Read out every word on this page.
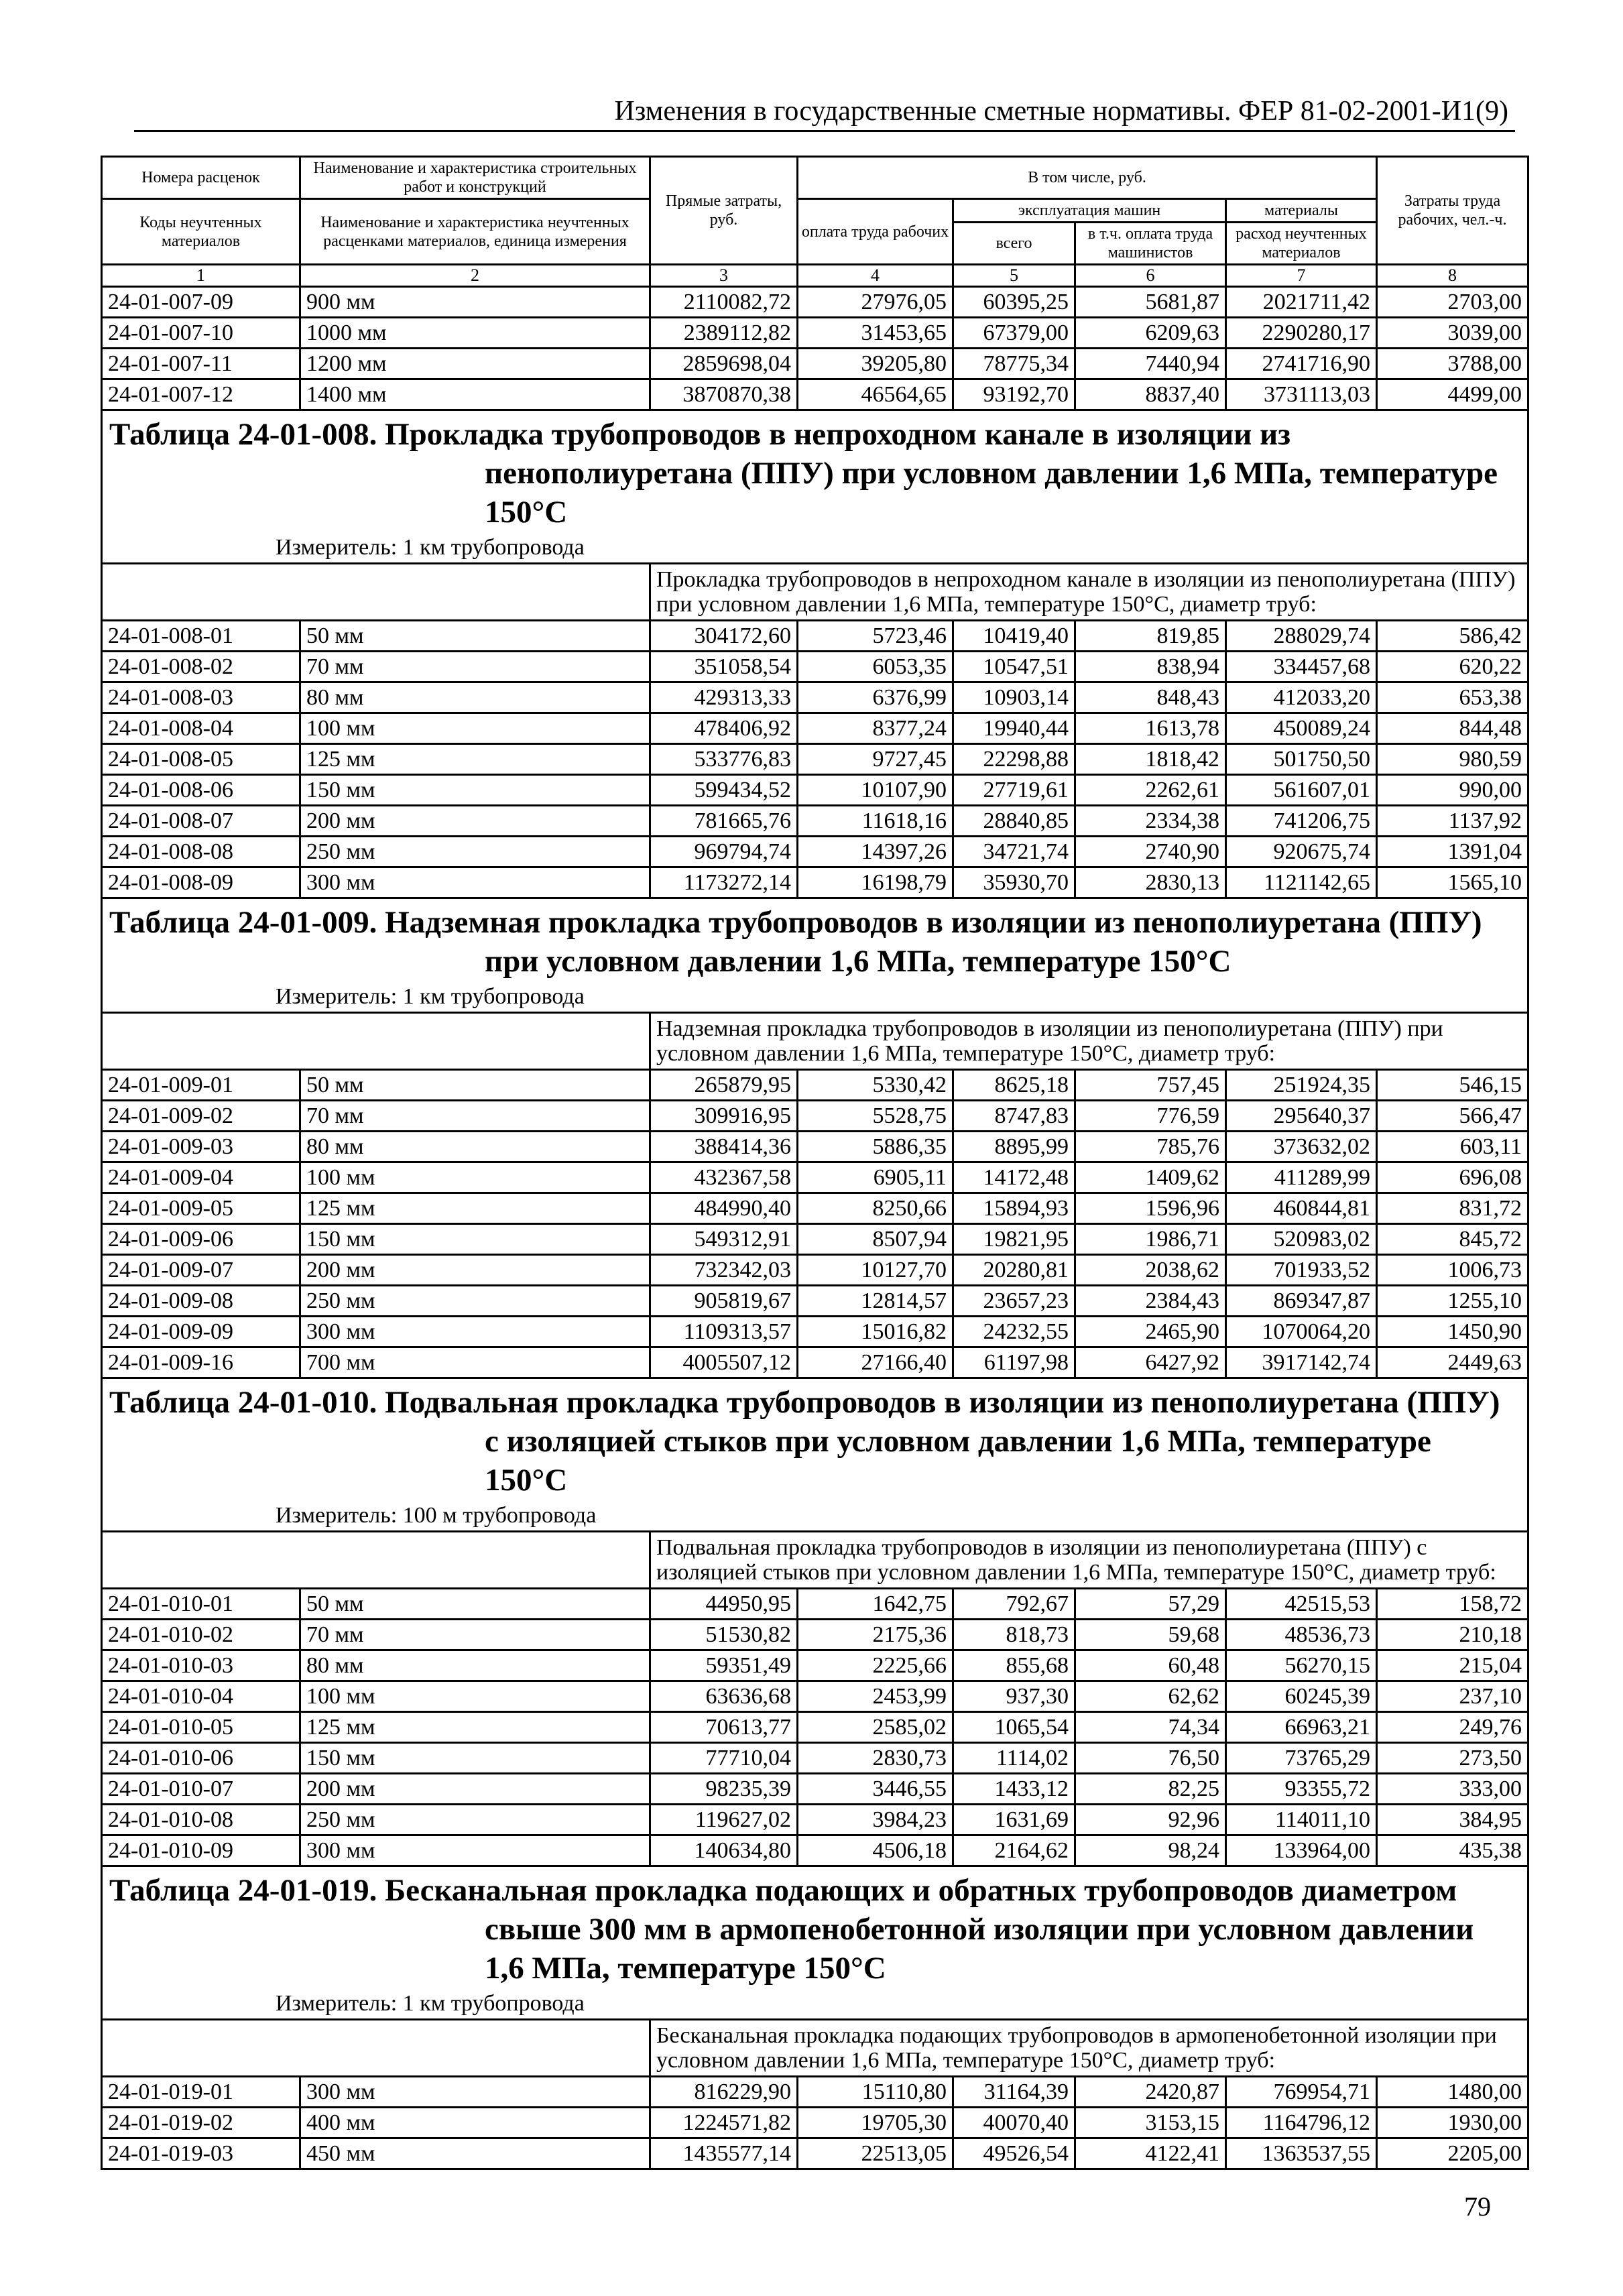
Изменения в государственные сметные нормативы. ФЕР 81-02-2001-И1(9)
Номера расценок	Наименование и характеристика строительных работ и конструкций	Прямые затраты, руб.	В том числе, руб.				Затраты труда рабочих, чел.-ч.
Коды неучтенных материалов	Наименование и характеристика неучтенных расценками материалов, единица измерения		оплата труда рабочих	эксплуатация машин		материалы	
				всего	в т.ч. оплата труда машинистов	расход неучтенных материалов	
1	2	3	4	5	6	7	8
24-01-007-09	900 мм	2110082,72	27976,05	60395,25	5681,87	2021711,42	2703,00
24-01-007-10	1000 мм	2389112,82	31453,65	67379,00	6209,63	2290280,17	3039,00
24-01-007-11	1200 мм	2859698,04	39205,80	78775,34	7440,94	2741716,90	3788,00
24-01-007-12	1400 мм	3870870,38	46564,65	93192,70	8837,40	3731113,03	4499,00

Таблица 24-01-008. Прокладка трубопроводов в непроходном канале в изоляции из пенополиуретана (ППУ) при условном давлении 1,6 МПа, температуре 150°С
Измеритель: 1 км трубопровода							

		Прокладка трубопроводов в непроходном канале в изоляции из пенополиуретана (ППУ) при условном давлении 1,6 МПа, температуре 150°С, диаметр труб:					
24-01-008-01	50 мм	304172,60	5723,46	10419,40	819,85	288029,74	586,42
24-01-008-02	70 мм	351058,54	6053,35	10547,51	838,94	334457,68	620,22
24-01-008-03	80 мм	429313,33	6376,99	10903,14	848,43	412033,20	653,38
24-01-008-04	100 мм	478406,92	8377,24	19940,44	1613,78	450089,24	844,48
24-01-008-05	125 мм	533776,83	9727,45	22298,88	1818,42	501750,50	980,59
24-01-008-06	150 мм	599434,52	10107,90	27719,61	2262,61	561607,01	990,00
24-01-008-07	200 мм	781665,76	11618,16	28840,85	2334,38	741206,75	1137,92
24-01-008-08	250 мм	969794,74	14397,26	34721,74	2740,90	920675,74	1391,04
24-01-008-09	300 мм	1173272,14	16198,79	35930,70	2830,13	1121142,65	1565,10

Таблица 24-01-009. Надземная прокладка трубопроводов в изоляции из пенополиуретана (ППУ) при условном давлении 1,6 МПа, температуре 150°С
Измеритель: 1 км трубопровода							

		Надземная прокладка трубопроводов в изоляции из пенополиуретана (ППУ) при условном давлении 1,6 МПа, температуре 150°С, диаметр труб:					
24-01-009-01	50 мм	265879,95	5330,42	8625,18	757,45	251924,35	546,15
24-01-009-02	70 мм	309916,95	5528,75	8747,83	776,59	295640,37	566,47
24-01-009-03	80 мм	388414,36	5886,35	8895,99	785,76	373632,02	603,11
24-01-009-04	100 мм	432367,58	6905,11	14172,48	1409,62	411289,99	696,08
24-01-009-05	125 мм	484990,40	8250,66	15894,93	1596,96	460844,81	831,72
24-01-009-06	150 мм	549312,91	8507,94	19821,95	1986,71	520983,02	845,72
24-01-009-07	200 мм	732342,03	10127,70	20280,81	2038,62	701933,52	1006,73
24-01-009-08	250 мм	905819,67	12814,57	23657,23	2384,43	869347,87	1255,10
24-01-009-09	300 мм	1109313,57	15016,82	24232,55	2465,90	1070064,20	1450,90
24-01-009-16	700 мм	4005507,12	27166,40	61197,98	6427,92	3917142,74	2449,63

Таблица 24-01-010. Подвальная прокладка трубопроводов в изоляции из пенополиуретана (ППУ) с изоляцией стыков при условном давлении 1,6 МПа, температуре 150°С
Измеритель: 100 м трубопровода							

		Подвальная прокладка трубопроводов в изоляции из пенополиуретана (ППУ) с изоляцией стыков при условном давлении 1,6 МПа, температуре 150°С, диаметр труб:					
24-01-010-01	50 мм	44950,95	1642,75	792,67	57,29	42515,53	158,72
24-01-010-02	70 мм	51530,82	2175,36	818,73	59,68	48536,73	210,18
24-01-010-03	80 мм	59351,49	2225,66	855,68	60,48	56270,15	215,04
24-01-010-04	100 мм	63636,68	2453,99	937,30	62,62	60245,39	237,10
24-01-010-05	125 мм	70613,77	2585,02	1065,54	74,34	66963,21	249,76
24-01-010-06	150 мм	77710,04	2830,73	1114,02	76,50	73765,29	273,50
24-01-010-07	200 мм	98235,39	3446,55	1433,12	82,25	93355,72	333,00
24-01-010-08	250 мм	119627,02	3984,23	1631,69	92,96	114011,10	384,95
24-01-010-09	300 мм	140634,80	4506,18	2164,62	98,24	133964,00	435,38

Таблица 24-01-019. Бесканальная прокладка подающих и обратных трубопроводов диаметром свыше 300 мм в армопенобетонной изоляции при условном давлении 1,6 МПа, температуре 150°С
Измеритель: 1 км трубопровода							

		Бесканальная прокладка подающих трубопроводов в армопенобетонной изоляции при условном давлении 1,6 МПа, температуре 150°С, диаметр труб:					
24-01-019-01	300 мм	816229,90	15110,80	31164,39	2420,87	769954,71	1480,00
24-01-019-02	400 мм	1224571,82	19705,30	40070,40	3153,15	1164796,12	1930,00
24-01-019-03	450 мм	1435577,14	22513,05	49526,54	4122,41	1363537,55	2205,00
79
